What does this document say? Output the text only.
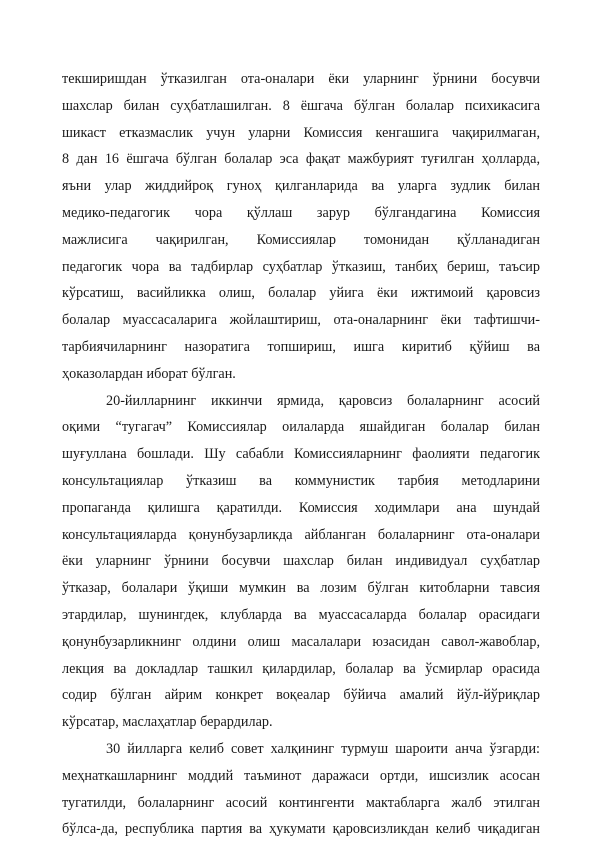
текширишдан ўтказилган ота-оналари ёки уларнинг ўрнини босувчи
шахслар билан суҳбатлашилган. 8 ёшгача бўлган болалар психикасига
шикаст етказмаслик учун уларни Комиссия кенгашига чақирилмаган,
8 дан 16 ёшгача бўлган болалар эса фақат мажбурият туғилган ҳолларда,
яъни улар жиддийроқ гуноҳ қилганларида ва уларга зудлик билан
медико-педагогик чора қўллаш зарур бўлгандагина Комиссия
мажлисига чақирилган, Комиссиялар томонидан қўлланадиган
педагогик чора ва тадбирлар суҳбатлар ўтказиш, танбиҳ бериш, таъсир
кўрсатиш, васийликка олиш, болалар уйига ёки ижтимоий қаровсиз
болалар муассасаларига жойлаштириш, ота-оналарнинг ёки тафтишчи-
тарбиячиларнинг назоратига топшириш, ишга киритиб қўйиш ва
ҳоказолардан иборат бўлган.
20-йилларнинг иккинчи ярмида, қаровсиз болаларнинг асосий
оқими “тугагач” Комиссиялар оилаларда яшайдиган болалар билан
шуғуллана бошлади. Шу сабабли Комиссияларнинг фаолияти педагогик
консультациялар ўтказиш ва коммунистик тарбия методларини
пропаганда қилишга қаратилди. Комиссия ходимлари ана шундай
консультацияларда қонунбузарликда айбланган болаларнинг ота-оналари
ёки уларнинг ўрнини босувчи шахслар билан индивидуал суҳбатлар
ўтказар, болалари ўқиши мумкин ва лозим бўлган китобларни тавсия
этардилар, шунингдек, клубларда ва муассасаларда болалар орасидаги
қонунбузарликнинг олдини олиш масалалари юзасидан савол-жавоблар,
лекция ва докладлар ташкил қилардилар, болалар ва ўсмирлар орасида
содир бўлган айрим конкрет воқеалар бўйича амалий йўл-йўриқлар
кўрсатар, маслаҳатлар берардилар.
30 йилларга келиб совет халқининг турмуш шароити анча ўзгарди:
меҳнаткашларнинг моддий таъминот даражаси ортди, ишсизлик асосан
тугатилди, болаларнинг асосий контингенти мактабларга жалб этилган
бўлса-да, республика партия ва ҳукумати қаровсизликдан келиб чиқадиган
